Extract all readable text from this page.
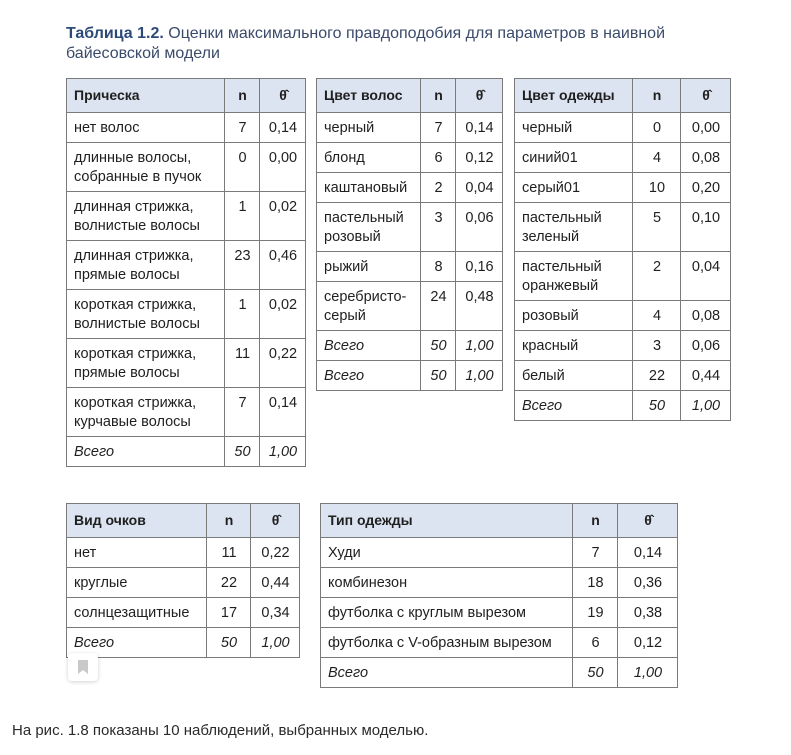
Таблица 1.2. Оценки максимального правдоподобия для параметров в наивной байесовской модели
Прическа	n	θ̂
нет волос	7	0,14
длинные волосы, собранные в пучок	0	0,00
длинная стрижка, волнистые волосы	1	0,02
длинная стрижка, прямые волосы	23	0,46
короткая стрижка, волнистые волосы	1	0,02
короткая стрижка, прямые волосы	11	0,22
короткая стрижка, курчавые волосы	7	0,14
Всего	50	1,00
Цвет волос	n	θ̂
черный	7	0,14
блонд	6	0,12
каштановый	2	0,04
пастельный розовый	3	0,06
рыжий	8	0,16
серебристо-серый	24	0,48
Всего	50	1,00
Всего	50	1,00
Цвет одежды	n	θ̂
черный	0	0,00
синий01	4	0,08
серый01	10	0,20
пастельный зеленый	5	0,10
пастельный оранжевый	2	0,04
розовый	4	0,08
красный	3	0,06
белый	22	0,44
Всего	50	1,00
Вид очков	n	θ̂
нет	11	0,22
круглые	22	0,44
солнцезащитные	17	0,34
Всего	50	1,00
Тип одежды	n	θ̂
Худи	7	0,14
комбинезон	18	0,36
футболка с круглым вырезом	19	0,38
футболка с V-образным вырезом	6	0,12
Всего	50	1,00
На рис. 1.8 показаны 10 наблюдений, выбранных моделью.
